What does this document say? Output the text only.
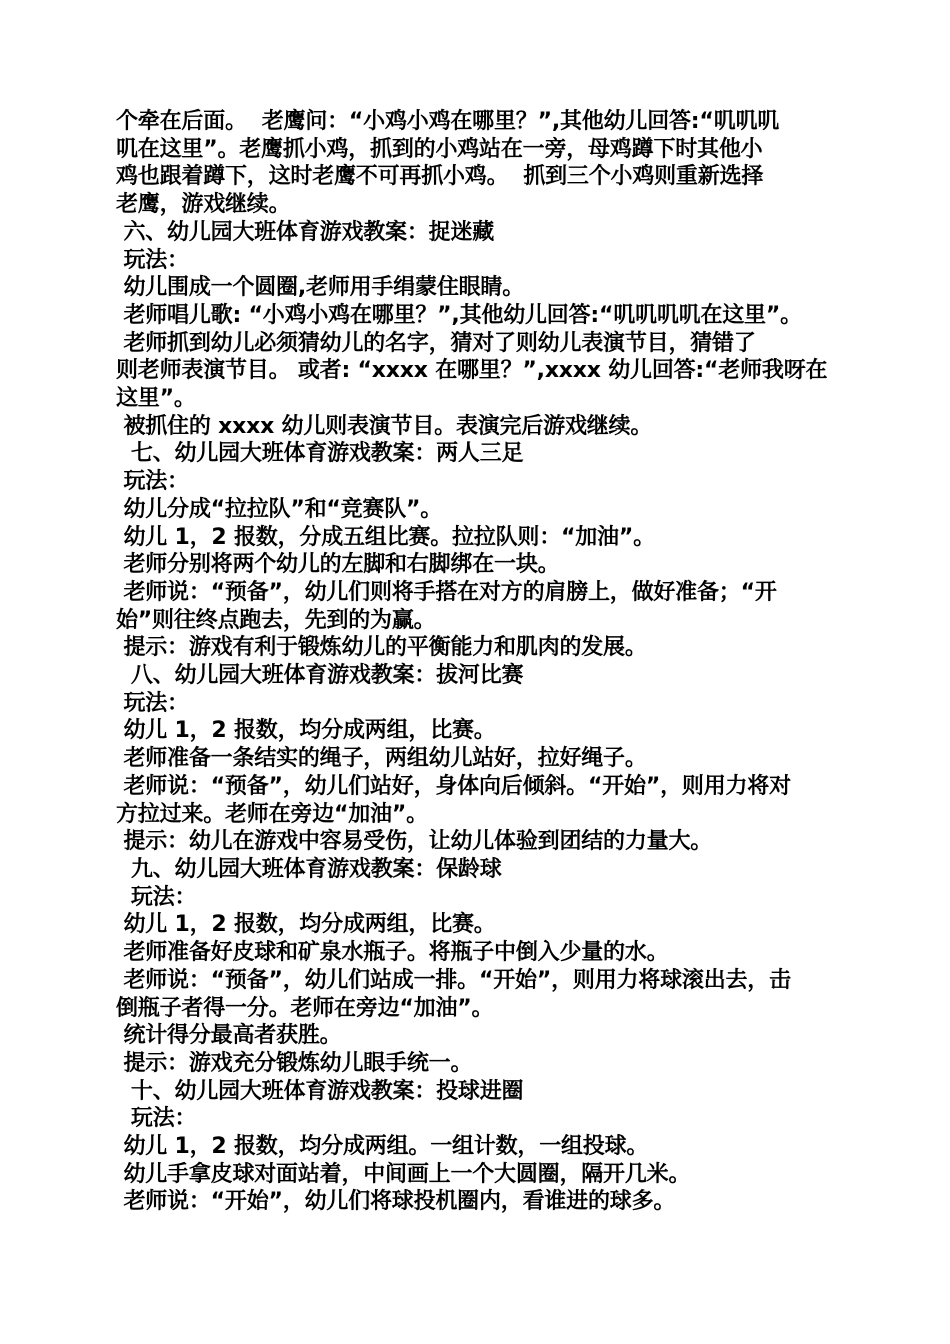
个牵在后面。  老鹰问：“小鸡小鸡在哪里？”,其他幼儿回答:“叽叽叽
叽在这里”。老鹰抓小鸡，抓到的小鸡站在一旁，母鸡蹲下时其他小
鸡也跟着蹲下，这时老鹰不可再抓小鸡。  抓到三个小鸡则重新选择
老鹰，游戏继续。
六、幼儿园大班体育游戏教案：捉迷藏
玩法：
幼儿围成一个圆圈,老师用手绢蒙住眼睛。
老师唱儿歌: “小鸡小鸡在哪里？”,其他幼儿回答:“叽叽叽叽在这里”。
老师抓到幼儿必须猜幼儿的名字，猜对了则幼儿表演节目，猜错了
则老师表演节目。 或者: “xxxx 在哪里？”,xxxx 幼儿回答:“老师我呀在
这里”。
被抓住的 xxxx 幼儿则表演节目。表演完后游戏继续。
七、幼儿园大班体育游戏教案：两人三足
玩法：
幼儿分成“拉拉队”和“竞赛队”。
幼儿 1，2 报数，分成五组比赛。拉拉队则：“加油”。
老师分别将两个幼儿的左脚和右脚绑在一块。
老师说：“预备”，幼儿们则将手搭在对方的肩膀上，做好准备；“开
始”则往终点跑去，先到的为赢。
提示：游戏有利于锻炼幼儿的平衡能力和肌肉的发展。
八、幼儿园大班体育游戏教案：拔河比赛
玩法：
幼儿 1，2 报数，均分成两组，比赛。
老师准备一条结实的绳子，两组幼儿站好，拉好绳子。
老师说：“预备”，幼儿们站好，身体向后倾斜。“开始”，则用力将对
方拉过来。老师在旁边“加油”。
提示：幼儿在游戏中容易受伤，让幼儿体验到团结的力量大。
九、幼儿园大班体育游戏教案：保龄球
玩法：
幼儿 1，2 报数，均分成两组，比赛。
老师准备好皮球和矿泉水瓶子。将瓶子中倒入少量的水。
老师说：“预备”，幼儿们站成一排。“开始”，则用力将球滚出去，击
倒瓶子者得一分。老师在旁边“加油”。
统计得分最高者获胜。
提示：游戏充分锻炼幼儿眼手统一。
十、幼儿园大班体育游戏教案：投球进圈
玩法：
幼儿 1，2 报数，均分成两组。一组计数，一组投球。
幼儿手拿皮球对面站着，中间画上一个大圆圈，隔开几米。
老师说：“开始”，幼儿们将球投机圈内，看谁进的球多。
